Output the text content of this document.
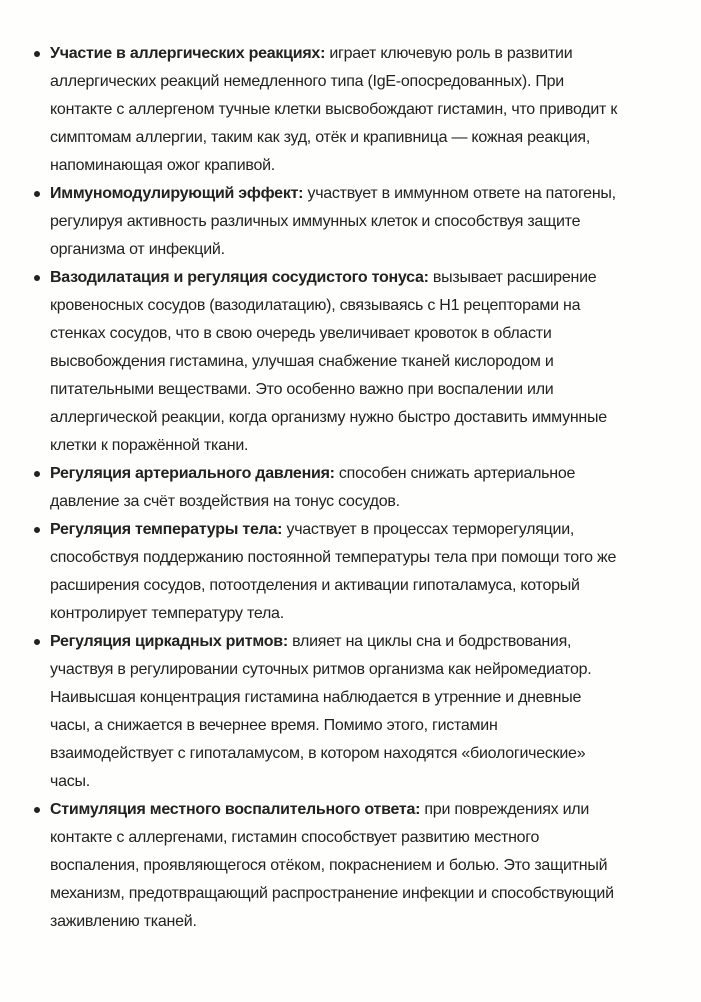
Участие в аллергических реакциях: играет ключевую роль в развитии аллергических реакций немедленного типа (IgE-опосредованных). При контакте с аллергеном тучные клетки высвобождают гистамин, что приводит к симптомам аллергии, таким как зуд, отёк и крапивница — кожная реакция, напоминающая ожог крапивой.
Иммуномодулирующий эффект: участвует в иммунном ответе на патогены, регулируя активность различных иммунных клеток и способствуя защите организма от инфекций.
Вазодилатация и регуляция сосудистого тонуса: вызывает расширение кровеносных сосудов (вазодилатацию), связываясь с H1 рецепторами на стенках сосудов, что в свою очередь увеличивает кровоток в области высвобождения гистамина, улучшая снабжение тканей кислородом и питательными веществами. Это особенно важно при воспалении или аллергической реакции, когда организму нужно быстро доставить иммунные клетки к поражённой ткани.
Регуляция артериального давления: способен снижать артериальное давление за счёт воздействия на тонус сосудов.
Регуляция температуры тела: участвует в процессах терморегуляции, способствуя поддержанию постоянной температуры тела при помощи того же расширения сосудов, потоотделения и активации гипоталамуса, который контролирует температуру тела.
Регуляция циркадных ритмов: влияет на циклы сна и бодрствования, участвуя в регулировании суточных ритмов организма как нейромедиатор. Наивысшая концентрация гистамина наблюдается в утренние и дневные часы, а снижается в вечернее время. Помимо этого, гистамин взаимодействует с гипоталамусом, в котором находятся «биологические» часы.
Стимуляция местного воспалительного ответа: при повреждениях или контакте с аллергенами, гистамин способствует развитию местного воспаления, проявляющегося отёком, покраснением и болью. Это защитный механизм, предотвращающий распространение инфекции и способствующий заживлению тканей.
